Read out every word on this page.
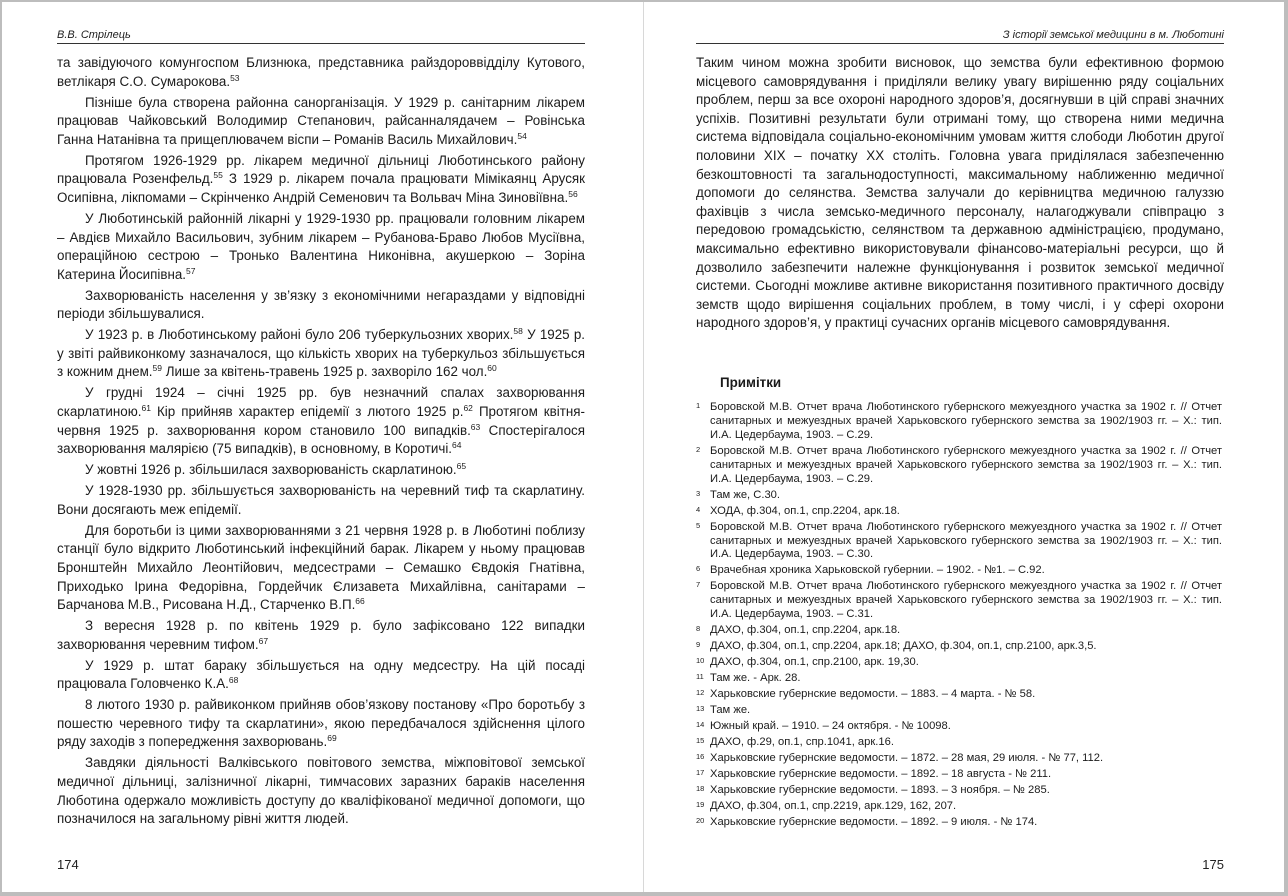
В.В. Стрілець

та завідуючого комунгоспом Близнюка, представника райздороввідділу Кутового, ветлікаря С.О. Сумарокова.$^{53}$

Пізніше була створена районна санорганізація. У 1929 р. санітарним лікарем працював Чайковський Володимир Степанович, райсанналядачем – Ровінська Ганна Натанівна та прищеплювачем віспи – Романів Василь Михайлович.$^{54}$

Протягом 1926-1929 рр. лікарем медичної дільниці Люботинського району працювала Розенфельд.$^{55}$ З 1929 р. лікарем почала працювати Мімікаянц Арусяк Осипівна, лікпомами – Скрінченко Андрій Семенович та Вольвач Міна Зиновіївна.$^{56}$

У Люботинській районній лікарні у 1929-1930 рр. працювали головним лікарем – Авдієв Михайло Васильович, зубним лікарем – Рубанова-Браво Любов Мусіївна, операційною сестрою – Тронько Валентина Никонівна, акушеркою – Зоріна Катерина Йосипівна.$^{57}$

Захворюваність населення у зв’язку з економічними негараздами у відповідні періоди збільшувалися.

У 1923 р. в Люботинському районі було 206 туберкульозних хворих.$^{58}$ У 1925 р. у звіті райвиконкому зазначалося, що кількість хворих на туберкульоз збільшується з кожним днем.$^{59}$ Лише за квітень-травень 1925 р. захворіло 162 чол.$^{60}$

У грудні 1924 – січні 1925 рр. був незначний спалах захворювання скарлатиною.$^{61}$ Кір прийняв характер епідемії з лютого 1925 р.$^{62}$ Протягом квітня-червня 1925 р. захворювання кором становило 100 випадків.$^{63}$ Спостерігалося захворювання малярією (75 випадків), в основному, в Коротичі.$^{64}$

У жовтні 1926 р. збільшилася захворюваність скарлатиною.$^{65}$

У 1928-1930 рр. збільшується захворюваність на черевний тиф та скарлатину. Вони досягають меж епідемії.

Для боротьби із цими захворюваннями з 21 червня 1928 р. в Люботині поблизу станції було відкрито Люботинський інфекційний барак. Лікарем у ньому працював Бронштейн Михайло Леонтійович, медсестрами – Семашко Євдокія Гнатівна, Приходько Ірина Федорівна, Гордейчик Єлизавета Михайлівна, санітарами – Барчанова М.В., Рисована Н.Д., Старченко В.П.$^{66}$

З вересня 1928 р. по квітень 1929 р. було зафіксовано 122 випадки захворювання черевним тифом.$^{67}$

У 1929 р. штат бараку збільшується на одну медсестру. На цій посаді працювала Головченко К.А.$^{68}$

8 лютого 1930 р. райвиконком прийняв обов’язкову постанову «Про боротьбу з пошестю черевного тифу та скарлатини», якою передбачалося здійснення цілого ряду заходів з попередження захворювань.$^{69}$

Завдяки діяльності Валківського повітового земства, міжповітової земської медичної дільниці, залізничної лікарні, тимчасових заразних бараків населення Люботина одержало можливість доступу до кваліфікованої медичної допомоги, що позначилося на загальному рівні життя людей.

174
З історії земської медицини в м. Люботині

Таким чином можна зробити висновок, що земства були ефективною формою місцевого самоврядування і приділяли велику увагу вирішенню ряду соціальних проблем, перш за все охороні народного здоров’я, досягнувши в цій справі значних успіхів. Позитивні результати були отримані тому, що створена ними медична система відповідала соціально-економічним умовам життя слободи Люботин другої половини ХІХ – початку ХХ століть. Головна увага приділялася забезпеченню безкоштовності та загальнодоступності, максимальному наближенню медичної допомоги до селянства. Земства залучали до керівництва медичною галуззю фахівців з числа земсько-медичного персоналу, налагоджували співпрацю з передовою громадськістю, селянством та державною адміністрацією, продумано, максимально ефективно використовували фінансово-матеріальні ресурси, що й дозволило забезпечити належне функціонування і розвиток земської медичної системи. Сьогодні можливе активне використання позитивного практичного досвіду земств щодо вирішення соціальних проблем, в тому числі, і у сфері охорони народного здоров’я, у практиці сучасних органів місцевого самоврядування.

Примітки
1 Боровской М.В. Отчет врача Люботинского губернского межуездного участка за 1902 г. // Отчет санитарных и межуездных врачей Харьковского губернского земства за 1902/1903 гг. – Х.: тип. И.А. Цедербаума, 1903. – С.29.
2 Боровской М.В. Отчет врача Люботинского губернского межуездного участка за 1902 г. // Отчет санитарных и межуездных врачей Харьковского губернского земства за 1902/1903 гг. – Х.: тип. И.А. Цедербаума, 1903. – С.29.
3 Там же, С.30.
4 ХОДА, ф.304, оп.1, спр.2204, арк.18.
5 Боровской М.В. Отчет врача Люботинского губернского межуездного участка за 1902 г. // Отчет санитарных и межуездных врачей Харьковского губернского земства за 1902/1903 гг. – Х.: тип. И.А. Цедербаума, 1903. – С.30.
6 Врачебная хроника Харьковской губернии. – 1902. - №1. – С.92.
7 Боровской М.В. Отчет врача Люботинского губернского межуездного участка за 1902 г. // Отчет санитарных и межуездных врачей Харьковского губернского земства за 1902/1903 гг. – Х.: тип. И.А. Цедербаума, 1903. – С.31.
8 ДАХО, ф.304, оп.1, спр.2204, арк.18.
9 ДАХО, ф.304, оп.1, спр.2204, арк.18; ДАХО, ф.304, оп.1, спр.2100, арк.3,5.
10 ДАХО, ф.304, оп.1, спр.2100, арк. 19,30.
11 Там же. - Арк. 28.
12 Харьковские губернские ведомости. – 1883. – 4 марта. - № 58.
13 Там же.
14 Южный край. – 1910. – 24 октября. - № 10098.
15 ДАХО, ф.29, оп.1, спр.1041, арк.16.
16 Харьковские губернские ведомости. – 1872. – 28 мая, 29 июля. - № 77, 112.
17 Харьковские губернские ведомости. – 1892. – 18 августа - № 211.
18 Харьковские губернские ведомости. – 1893. – 3 ноября. – № 285.
19 ДАХО, ф.304, оп.1, спр.2219, арк.129, 162, 207.
20 Харьковские губернские ведомости. – 1892. – 9 июля. - № 174.
175
